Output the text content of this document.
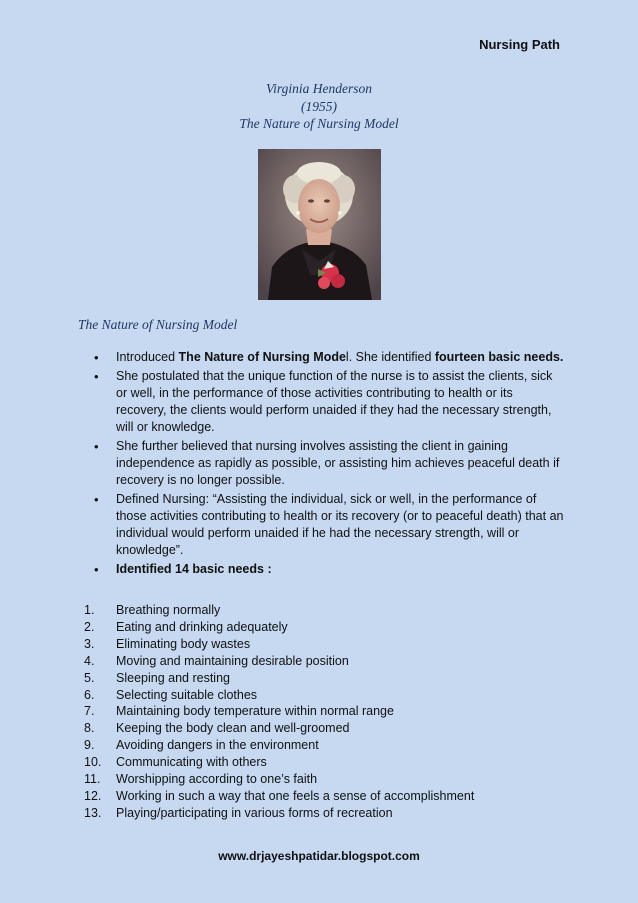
Nursing Path
Virginia Henderson
(1955)
The Nature of Nursing Model
The Nature of Nursing Model
• Introduced The Nature of Nursing Model. She identified fourteen basic needs.
• She postulated that the unique function of the nurse is to assist the clients, sick or well, in the performance of those activities contributing to health or its recovery, the clients would perform unaided if they had the necessary strength, will or knowledge.
• She further believed that nursing involves assisting the client in gaining independence as rapidly as possible, or assisting him achieves peaceful death if recovery is no longer possible.
• Defined Nursing: “Assisting the individual, sick or well, in the performance of those activities contributing to health or its recovery (or to peaceful death) that an individual would perform unaided if he had the necessary strength, will or knowledge”.
• Identified 14 basic needs :
1.	Breathing normally
2.	Eating and drinking adequately
3.	Eliminating body wastes
4.	Moving and maintaining desirable position
5.	Sleeping and resting
6.	Selecting suitable clothes
7.	Maintaining body temperature within normal range
8.	Keeping the body clean and well-groomed
9.	Avoiding dangers in the environment
10.	Communicating with others
11.	Worshipping according to one’s faith
12.	Working in such a way that one feels a sense of accomplishment
13.	Playing/participating in various forms of recreation
www.drjayeshpatidar.blogspot.com
